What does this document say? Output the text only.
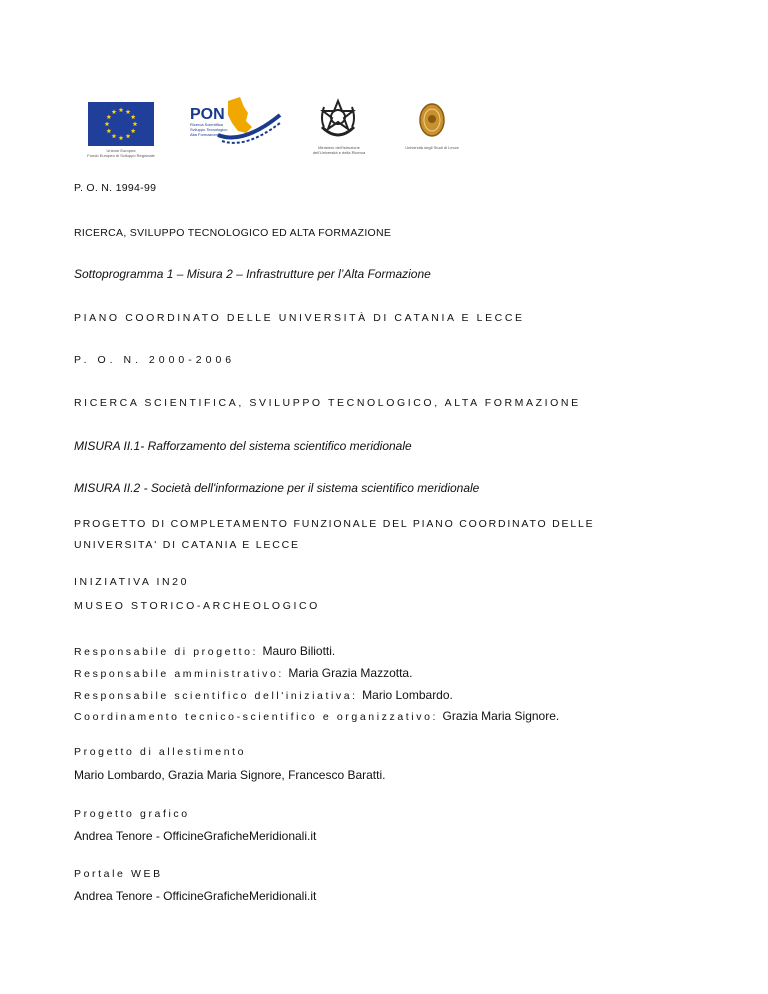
Unione Europea
Fondo Europeo di Sviluppo Regionale
PON
Ricerca Scientifica
Sviluppo Tecnologico
Alta Formazione
Ministero dell'Istruzione
dell'Università e della Ricerca
Università degli Studi di Lecce
P. O. N. 1994-99
RICERCA, SVILUPPO TECNOLOGICO ED ALTA FORMAZIONE
Sottoprogramma 1 – Misura 2 – Infrastrutture per l’Alta Formazione
PIANO COORDINATO DELLE UNIVERSITÀ DI CATANIA E LECCE
P. O. N. 2000-2006
RICERCA SCIENTIFICA, SVILUPPO TECNOLOGICO, ALTA FORMAZIONE
MISURA II.1- Rafforzamento del sistema scientifico meridionale
MISURA II.2 - Società dell'informazione per il sistema scientifico meridionale
PROGETTO DI COMPLETAMENTO FUNZIONALE DEL PIANO COORDINATO DELLE
UNIVERSITA' DI CATANIA E LECCE
INIZIATIVA IN20
MUSEO STORICO-ARCHEOLOGICO
Responsabile di progetto: Mauro Biliotti.
Responsabile amministrativo: Maria Grazia Mazzotta.
Responsabile scientifico dell'iniziativa: Mario Lombardo.
Coordinamento tecnico-scientifico e organizzativo: Grazia Maria Signore.
Progetto di allestimento
Mario Lombardo, Grazia Maria Signore, Francesco Baratti.
Progetto grafico
Andrea Tenore - OfficineGraficheMeridionali.it
Portale WEB
Andrea Tenore - OfficineGraficheMeridionali.it
